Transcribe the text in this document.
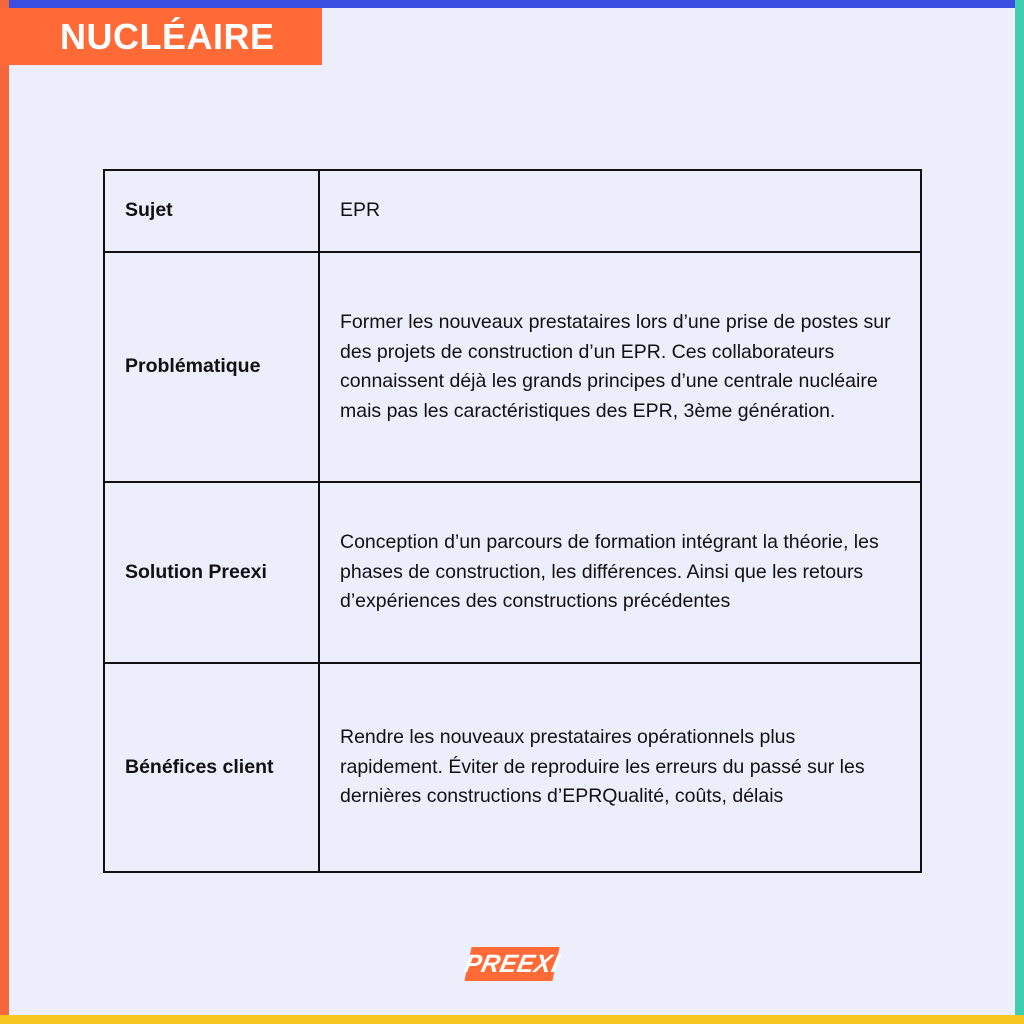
NUCLÉAIRE
Sujet	EPR
Problématique	Former les nouveaux prestataires lors d’une prise de postes sur des projets de construction d’un EPR. Ces collaborateurs connaissent déjà les grands principes d’une centrale nucléaire mais pas les caractéristiques des EPR, 3ème génération.
Solution Preexi	Conception d’un parcours de formation intégrant la théorie, les phases de construction, les différences. Ainsi que les retours d’expériences des constructions précédentes
Bénéfices client	Rendre les nouveaux prestataires opérationnels plus rapidement. Éviter de reproduire les erreurs du passé sur les dernières constructions d’EPRQualité, coûts, délais
PREEXI
